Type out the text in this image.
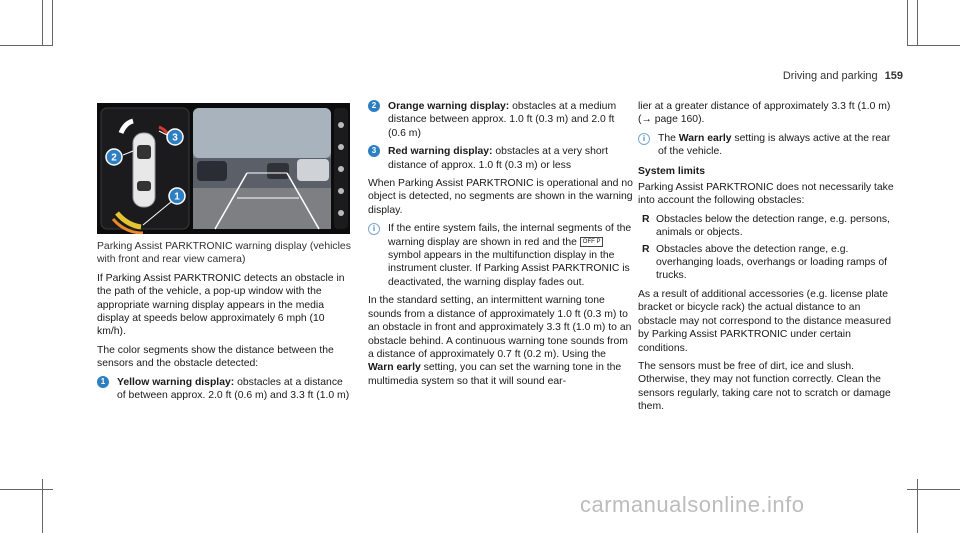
Driving and parking 159
2
3
1

Parking Assist PARKTRONIC warning display (vehicles with front and rear view camera)

If Parking Assist PARKTRONIC detects an obstacle in the path of the vehicle, a pop-up window with the appropriate warning display appears in the media display at speeds below approximately 6 mph (10 km/h).

The color segments show the distance between the sensors and the obstacle detected:

1	Yellow warning display: obstacles at a distance of between approx. 2.0 ft (0.6 m) and 3.3 ft (1.0 m)
2	Orange warning display: obstacles at a medium distance between approx. 1.0 ft (0.3 m) and 2.0 ft (0.6 m)
3	Red warning display: obstacles at a very short distance of approx. 1.0 ft (0.3 m) or less

When Parking Assist PARKTRONIC is operational and no object is detected, no segments are shown in the warning display.

i	If the entire system fails, the internal segments of the warning display are shown in red and the OFF P symbol appears in the multifunction display in the instrument cluster. If Parking Assist PARKTRONIC is deactivated, the warning display fades out.

In the standard setting, an intermittent warning tone sounds from a distance of approximately 1.0 ft (0.3 m) to an obstacle in front and approximately 3.3 ft (1.0 m) to an obstacle behind. A continuous warning tone sounds from a distance of approximately 0.7 ft (0.2 m). Using the Warn early setting, you can set the warning tone in the multimedia system so that it will sound ear-

lier at a greater distance of approximately 3.3 ft (1.0 m) (→ page 160).

i	The Warn early setting is always active at the rear of the vehicle.
System limits

Parking Assist PARKTRONIC does not necessarily take into account the following obstacles:

R Obstacles below the detection range, e.g. persons, animals or objects.
R Obstacles above the detection range, e.g. overhanging loads, overhangs or loading ramps of trucks.

As a result of additional accessories (e.g. license plate bracket or bicycle rack) the actual distance to an obstacle may not correspond to the distance measured by Parking Assist PARKTRONIC under certain conditions.

The sensors must be free of dirt, ice and slush. Otherwise, they may not function correctly. Clean the sensors regularly, taking care not to scratch or damage them.

carmanualsonline.info
